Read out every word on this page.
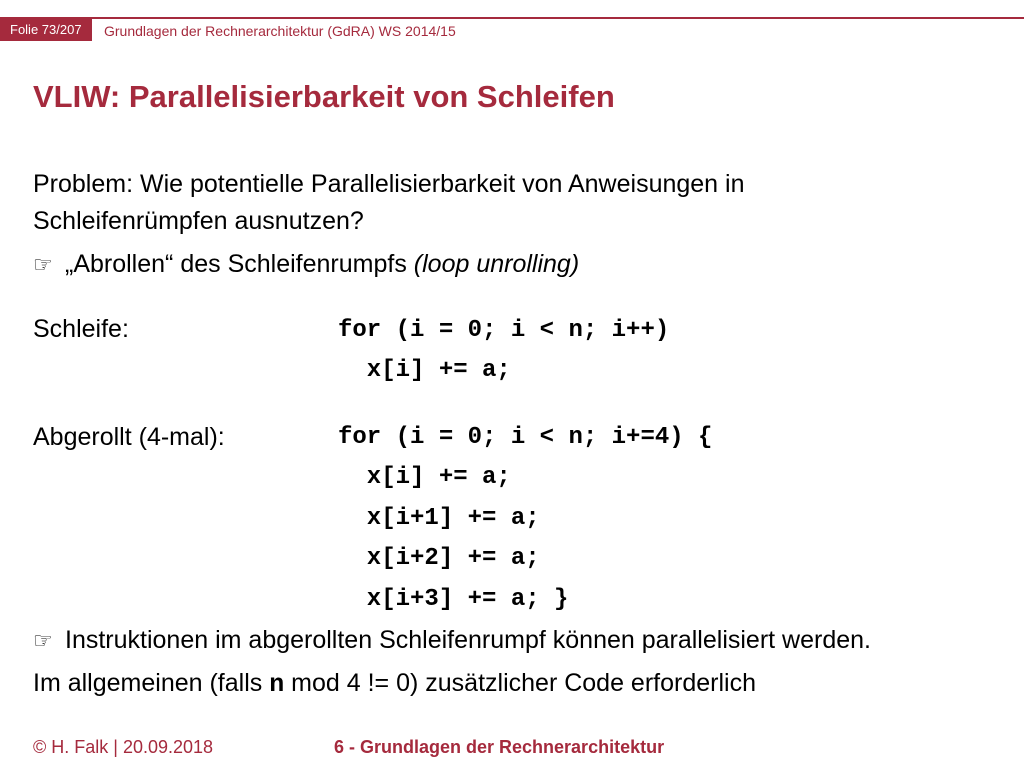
Folie 73/207	Grundlagen der Rechnerarchitektur (GdRA) WS 2014/15
VLIW: Parallelisierbarkeit von Schleifen
Problem: Wie potentielle Parallelisierbarkeit von Anweisungen in
Schleifenrümpfen ausnutzen?
☞ „Abrollen“ des Schleifenrumpfs (loop unrolling)
Schleife:	for (i = 0; i < n; i++)
x[i] += a;
Abgerollt (4-mal):	for (i = 0; i < n; i+=4) {
x[i] += a;
x[i+1] += a;
x[i+2] += a;
x[i+3] += a; }
☞ Instruktionen im abgerollten Schleifenrumpf können parallelisiert werden.
Im allgemeinen (falls n mod 4 != 0) zusätzlicher Code erforderlich
© H. Falk | 20.09.2018	6 - Grundlagen der Rechnerarchitektur
